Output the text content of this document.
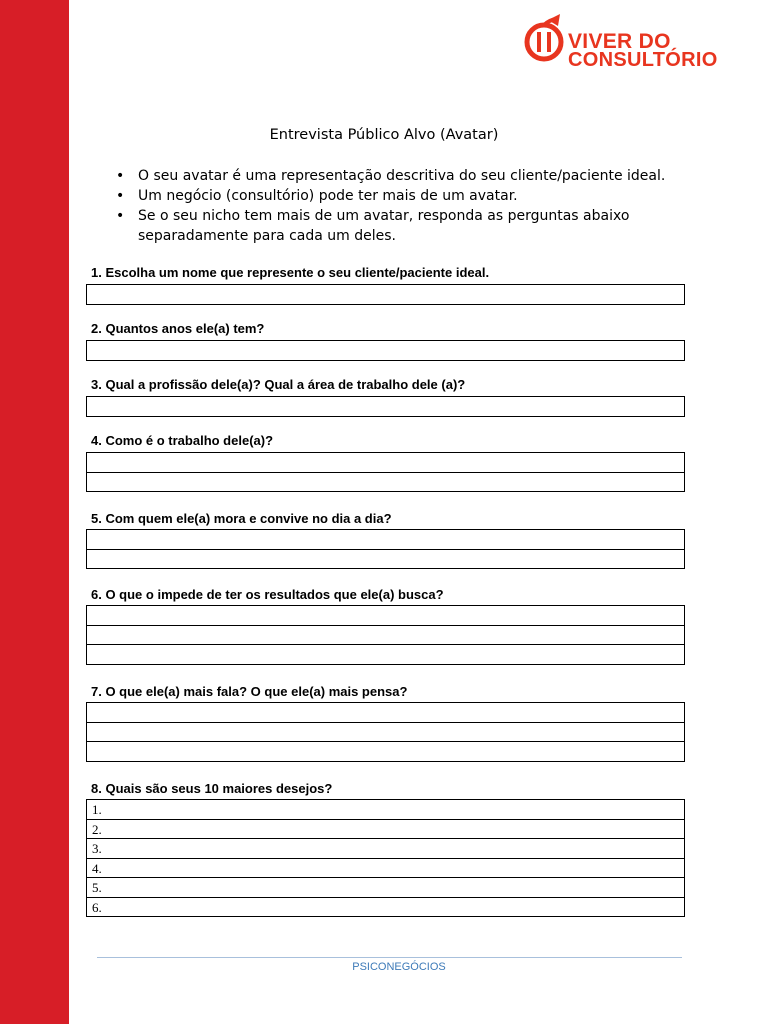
VIVER DO
CONSULTÓRIO
Entrevista Público Alvo (Avatar)
• O seu avatar é uma representação descritiva do seu cliente/paciente ideal.
• Um negócio (consultório) pode ter mais de um avatar.
• Se o seu nicho tem mais de um avatar, responda as perguntas abaixo separadamente para cada um deles.
1. Escolha um nome que represente o seu cliente/paciente ideal.
2. Quantos anos ele(a) tem?
3. Qual a profissão dele(a)? Qual a área de trabalho dele (a)?
4. Como é o trabalho dele(a)?
5. Com quem ele(a) mora e convive no dia a dia?
6. O que o impede de ter os resultados que ele(a) busca?
7. O que ele(a) mais fala? O que ele(a) mais pensa?
8. Quais são seus 10 maiores desejos?
1.
2.
3.
4.
5.
6.
PSICONEGÓCIOS
